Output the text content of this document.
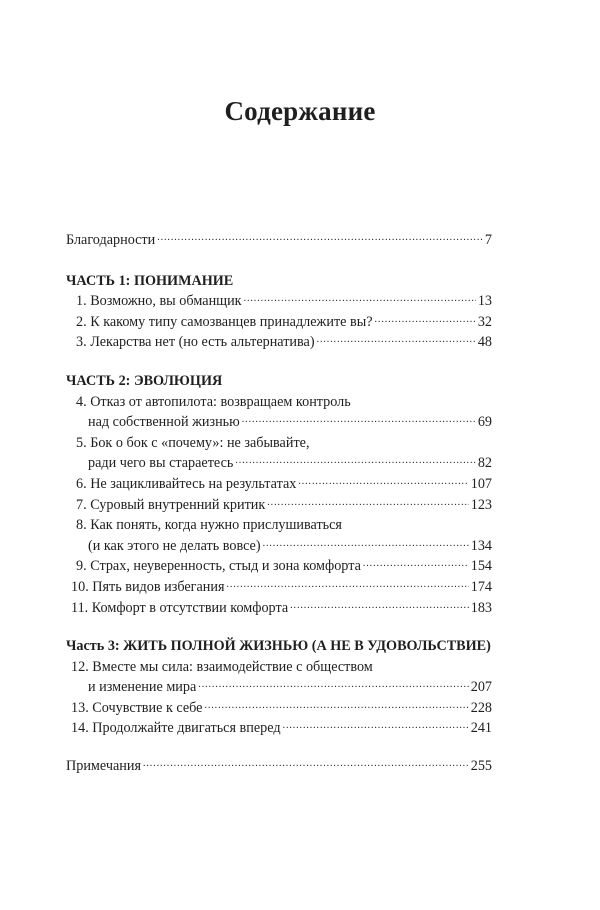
Содержание
Благодарности .....	7
ЧАСТЬ 1: ПОНИМАНИЕ
1. Возможно, вы обманщик .....	13
2. К какому типу самозванцев принадлежите вы? .....	32
3. Лекарства нет (но есть альтернатива) .....	48
ЧАСТЬ 2: ЭВОЛЮЦИЯ
4. Отказ от автопилота: возвращаем контроль
над собственной жизнью .....	69
5. Бок о бок с «почему»: не забывайте,
ради чего вы стараетесь .....	82
6. Не зацикливайтесь на результатах .....	107
7. Суровый внутренний критик .....	123
8. Как понять, когда нужно прислушиваться
(и как этого не делать вовсе) .....	134
9. Страх, неуверенность, стыд и зона комфорта .....	154
10. Пять видов избегания .....	174
11. Комфорт в отсутствии комфорта .....	183
Часть 3: ЖИТЬ ПОЛНОЙ ЖИЗНЬЮ (А НЕ В УДОВОЛЬСТВИЕ)
12. Вместе мы сила: взаимодействие с обществом
и изменение мира .....	207
13. Сочувствие к себе .....	228
14. Продолжайте двигаться вперед .....	241
Примечания .....	255
